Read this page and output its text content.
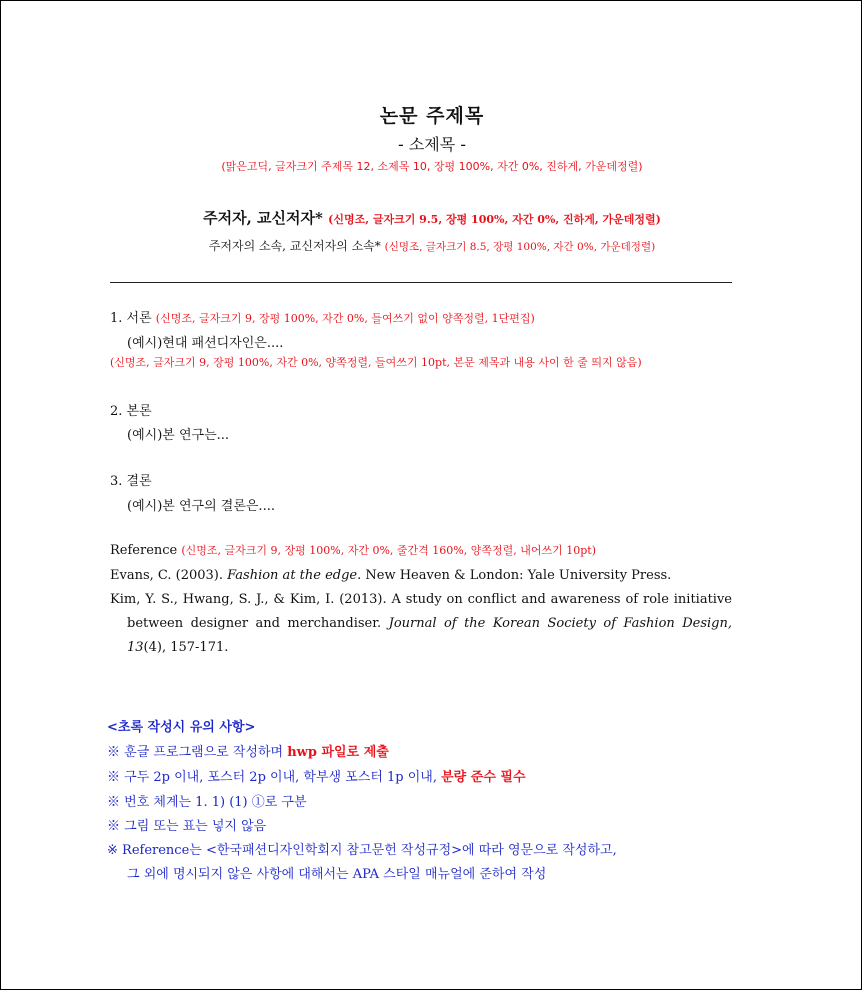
논문 주제목
- 소제목 -
(맑은고딕, 글자크기 주제목 12, 소제목 10, 장평 100%, 자간 0%, 진하게, 가운데정렬)
주저자, 교신저자* (신명조, 글자크기 9.5, 장평 100%, 자간 0%, 진하게, 가운데정렬)
주저자의 소속, 교신저자의 소속* (신명조, 글자크기 8.5, 장평 100%, 자간 0%, 가운데정렬)
1. 서론 (신명조, 글자크기 9, 장평 100%, 자간 0%, 들여쓰기 없이 양쪽정렬, 1단편집)
(예시)현대 패션디자인은....
(신명조, 글자크기 9, 장평 100%, 자간 0%, 양쪽정렬, 들여쓰기 10pt, 본문 제목과 내용 사이 한 줄 띄지 않음)
2. 본론
(예시)본 연구는...
3. 결론
(예시)본 연구의 결론은....
Reference (신명조, 글자크기 9, 장평 100%, 자간 0%, 줄간격 160%, 양쪽정렬, 내어쓰기 10pt)
Evans, C. (2003). Fashion at the edge. New Heaven & London: Yale University Press.
Kim, Y. S., Hwang, S. J., & Kim, I. (2013). A study on conflict and awareness of role initiative between designer and merchandiser. Journal of the Korean Society of Fashion Design, 13(4), 157-171.
<초록 작성시 유의 사항>
※ 훈글 프로그램으로 작성하며 hwp 파일로 제출
※ 구두 2p 이내, 포스터 2p 이내, 학부생 포스터 1p 이내, 분량 준수 필수
※ 번호 체계는 1. 1) (1) ①로 구분
※ 그림 또는 표는 넣지 않음
※ Reference는 <한국패션디자인학회지 참고문헌 작성규정>에 따라 영문으로 작성하고,
그 외에 명시되지 않은 사항에 대해서는 APA 스타일 매뉴얼에 준하여 작성
